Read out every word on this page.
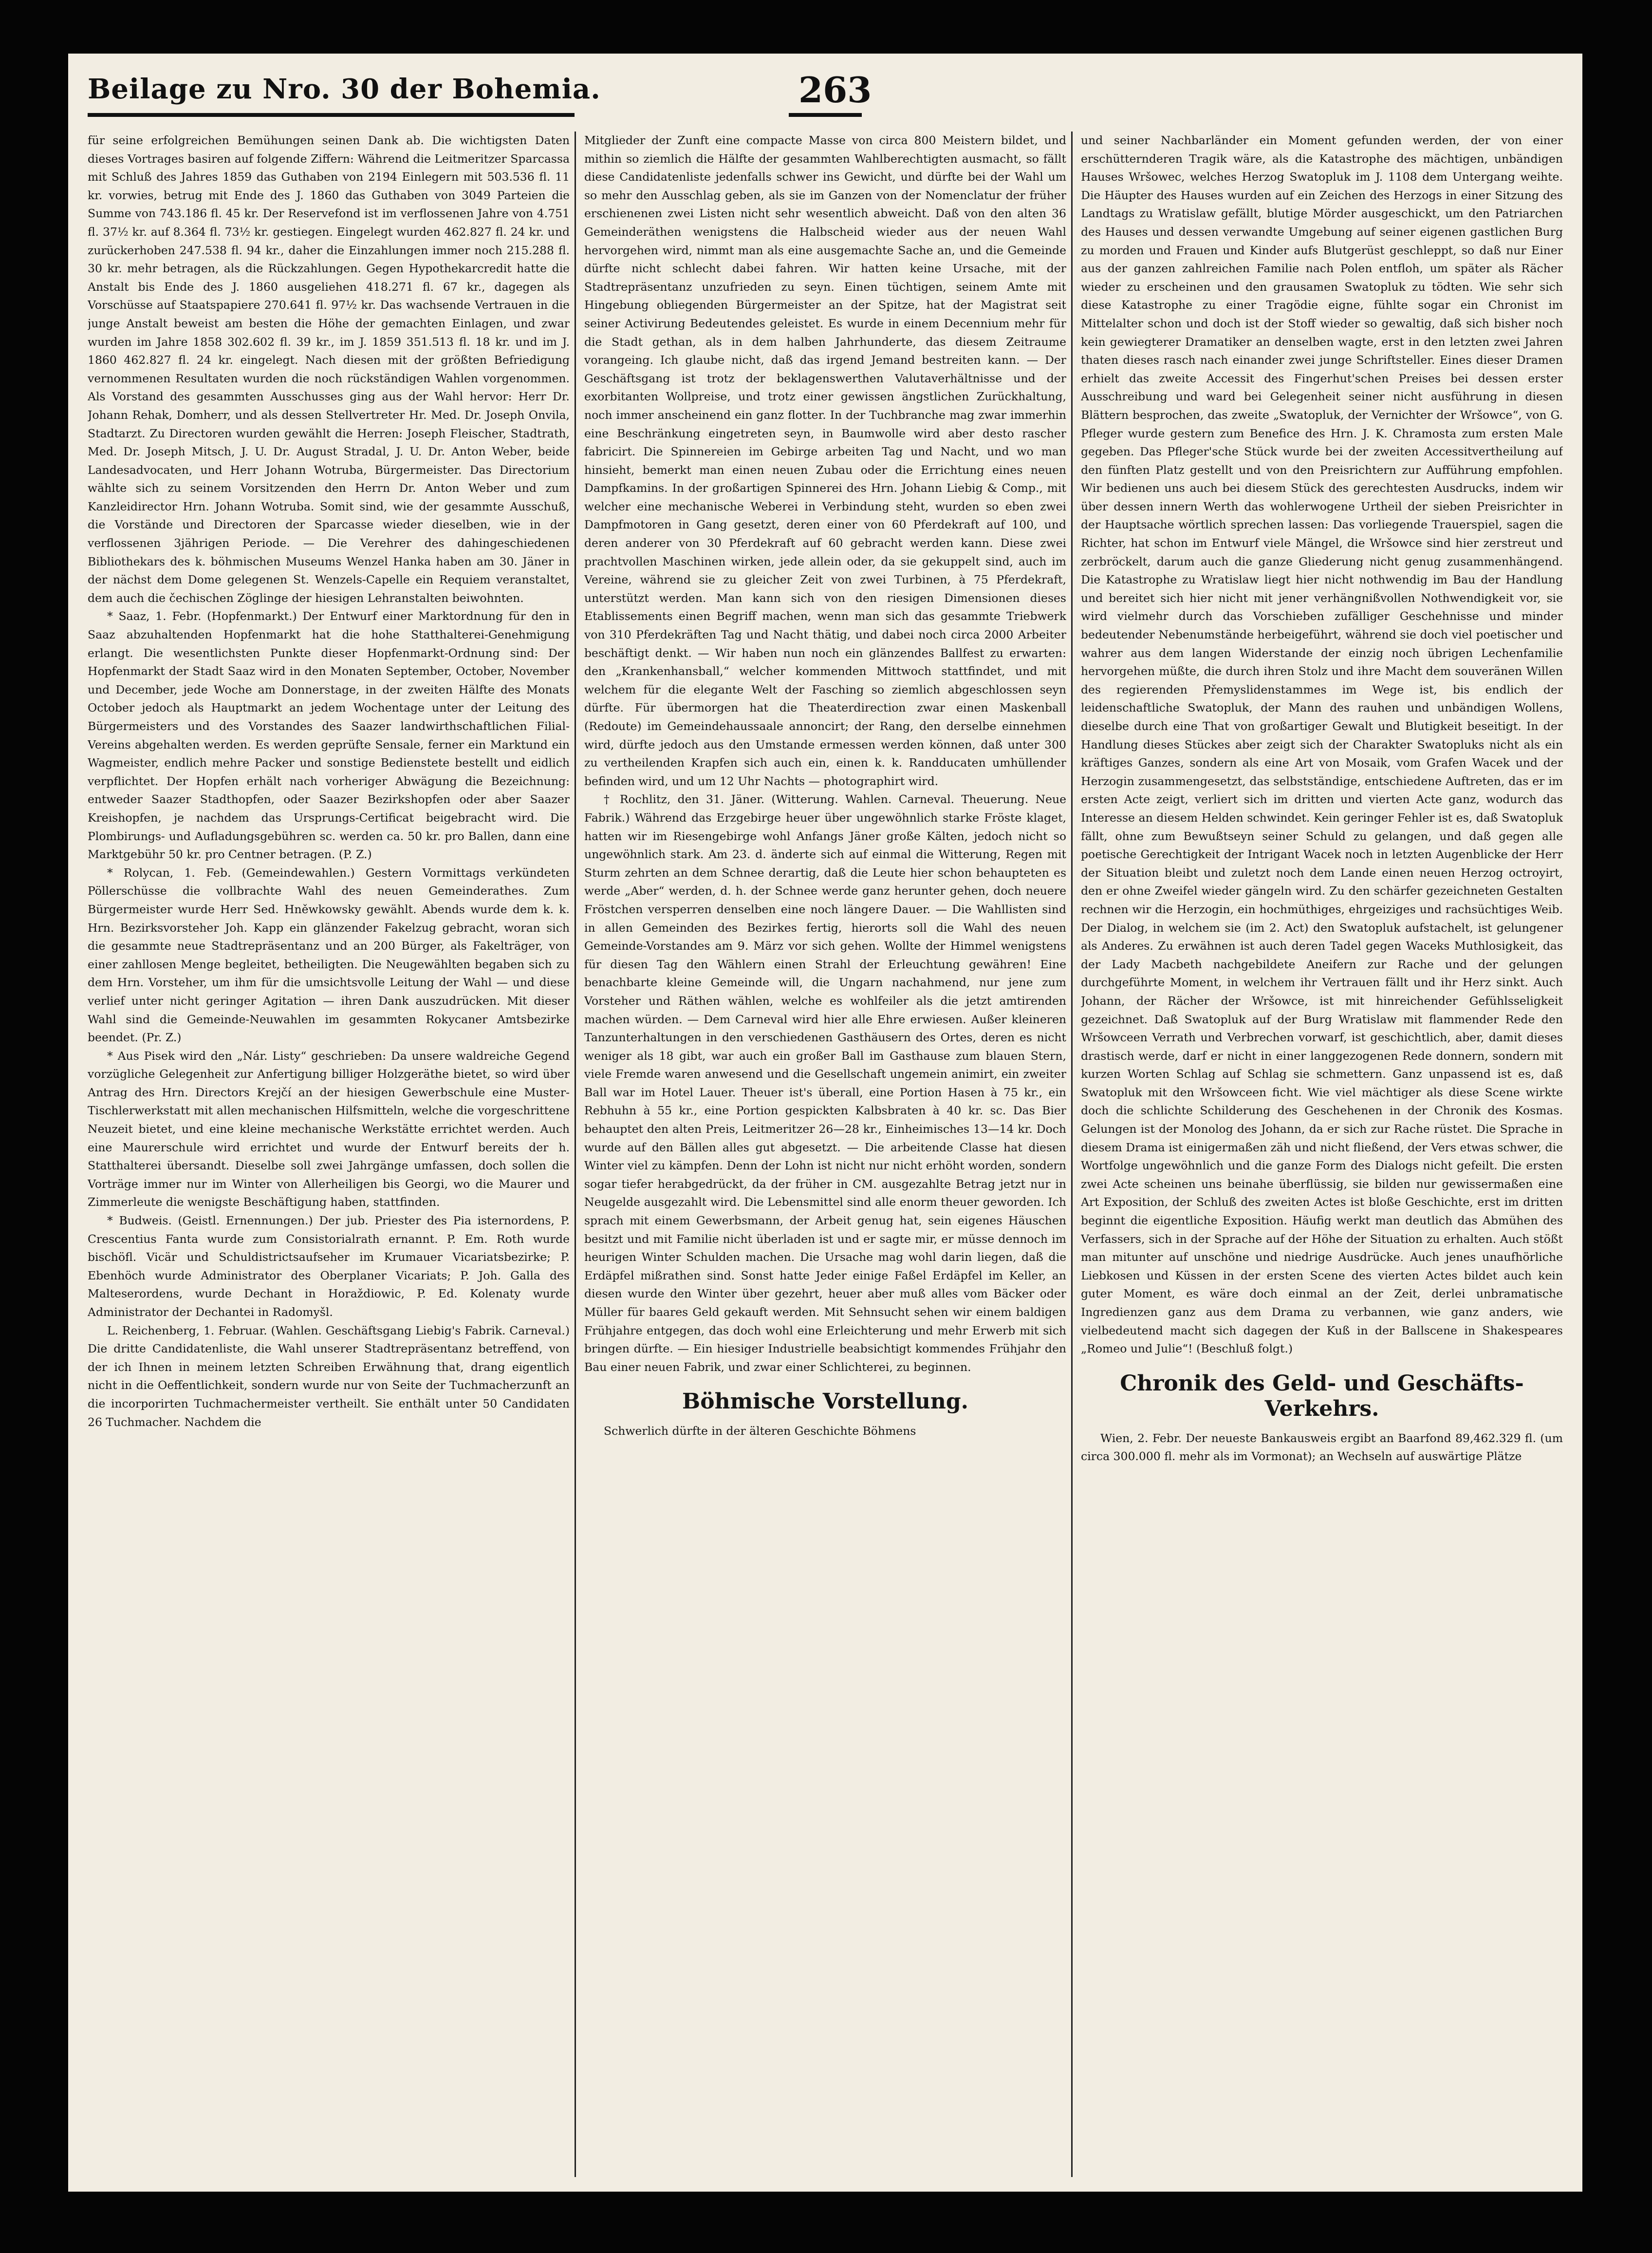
Beilage zu Nro. 30 der Bohemia.	263

für seine erfolgreichen Bemühungen seinen Dank ab. Die wichtigsten Daten dieses Vortrages basiren auf folgende Ziffern: Während die Leitmeritzer Sparcassa mit Schluß des Jahres 1859 das Guthaben von 2194 Einlegern mit 503.536 fl. 11 kr. vorwies, betrug mit Ende des J. 1860 das Guthaben von 3049 Parteien die Summe von 743.186 fl. 45 kr. Der Reservefond ist im verflossenen Jahre von 4.751 fl. 37½ kr. auf 8.364 fl. 73½ kr. gestiegen. Eingelegt wurden 462.827 fl. 24 kr. und zurückerhoben 247.538 fl. 94 kr., daher die Einzahlungen immer noch 215.288 fl. 30 kr. mehr betragen, als die Rückzahlungen. Gegen Hypothekarcredit hatte die Anstalt bis Ende des J. 1860 ausgeliehen 418.271 fl. 67 kr., dagegen als Vorschüsse auf Staatspapiere 270.641 fl. 97½ kr. Das wachsende Vertrauen in die junge Anstalt beweist am besten die Höhe der gemachten Einlagen, und zwar wurden im Jahre 1858 302.602 fl. 39 kr., im J. 1859 351.513 fl. 18 kr. und im J. 1860 462.827 fl. 24 kr. eingelegt. Nach diesen mit der größten Befriedigung vernommenen Resultaten wurden die noch rückständigen Wahlen vorgenommen. Als Vorstand des gesammten Ausschusses ging aus der Wahl hervor: Herr Dr. Johann Rehak, Domherr, und als dessen Stellvertreter Hr. Med. Dr. Joseph Onvila, Stadtarzt. Zu Directoren wurden gewählt die Herren: Joseph Fleischer, Stadtrath, Med. Dr. Joseph Mitsch, J. U. Dr. August Stradal, J. U. Dr. Anton Weber, beide Landesadvocaten, und Herr Johann Wotruba, Bürgermeister. Das Directorium wählte sich zu seinem Vorsitzenden den Herrn Dr. Anton Weber und zum Kanzleidirector Hrn. Johann Wotruba. Somit sind, wie der gesammte Ausschuß, die Vorstände und Directoren der Sparcasse wieder dieselben, wie in der verflossenen 3jährigen Periode. — Die Verehrer des dahingeschiedenen Bibliothekars des k. böhmischen Museums Wenzel Hanka haben am 30. Jäner in der nächst dem Dome gelegenen St. Wenzels-Capelle ein Requiem veranstaltet, dem auch die čechischen Zöglinge der hiesigen Lehranstalten beiwohnten.

* Saaz, 1. Febr. (Hopfenmarkt.) Der Entwurf einer Marktordnung für den in Saaz abzuhaltenden Hopfenmarkt hat die hohe Statthalterei-Genehmigung erlangt. Die wesentlichsten Punkte dieser Hopfenmarkt-Ordnung sind: Der Hopfenmarkt der Stadt Saaz wird in den Monaten September, October, November und December, jede Woche am Donnerstage, in der zweiten Hälfte des Monats October jedoch als Hauptmarkt an jedem Wochentage unter der Leitung des Bürgermeisters und des Vorstandes des Saazer landwirthschaftlichen Filial-Vereins abgehalten werden. Es werden geprüfte Sensale, ferner ein Marktund ein Wagmeister, endlich mehre Packer und sonstige Bedienstete bestellt und eidlich verpflichtet. Der Hopfen erhält nach vorheriger Abwägung die Bezeichnung: entweder Saazer Stadthopfen, oder Saazer Bezirkshopfen oder aber Saazer Kreishopfen, je nachdem das Ursprungs-Certificat beigebracht wird. Die Plombirungs- und Aufladungsgebühren sc. werden ca. 50 kr. pro Ballen, dann eine Marktgebühr 50 kr. pro Centner betragen. (P. Z.)

* Rolycan, 1. Feb. (Gemeindewahlen.) Gestern Vormittags verkündeten Pöllerschüsse die vollbrachte Wahl des neuen Gemeinderathes. Zum Bürgermeister wurde Herr Sed. Hněwkowsky gewählt. Abends wurde dem k. k. Hrn. Bezirksvorsteher Joh. Kapp ein glänzender Fakelzug gebracht, woran sich die gesammte neue Stadtrepräsentanz und an 200 Bürger, als Fakelträger, von einer zahllosen Menge begleitet, betheiligten. Die Neugewählten begaben sich zu dem Hrn. Vorsteher, um ihm für die umsichtsvolle Leitung der Wahl — und diese verlief unter nicht geringer Agitation — ihren Dank auszudrücken. Mit dieser Wahl sind die Gemeinde-Neuwahlen im gesammten Rokycaner Amtsbezirke beendet. (Pr. Z.)

* Aus Pisek wird den „Nár. Listy“ geschrieben: Da unsere waldreiche Gegend vorzügliche Gelegenheit zur Anfertigung billiger Holzgeräthe bietet, so wird über Antrag des Hrn. Directors Krejčí an der hiesigen Gewerbschule eine Muster-Tischlerwerkstatt mit allen mechanischen Hilfsmitteln, welche die vorgeschrittene Neuzeit bietet, und eine kleine mechanische Werkstätte errichtet werden. Auch eine Maurerschule wird errichtet und wurde der Entwurf bereits der h. Statthalterei übersandt. Dieselbe soll zwei Jahrgänge umfassen, doch sollen die Vorträge immer nur im Winter von Allerheiligen bis Georgi, wo die Maurer und Zimmerleute die wenigste Beschäftigung haben, stattfinden.

* Budweis. (Geistl. Ernennungen.) Der jub. Priester des Pia isternordens, P. Crescentius Fanta wurde zum Consistorialrath ernannt. P. Em. Roth wurde bischöfl. Vicär und Schuldistrictsaufseher im Krumauer Vicariatsbezirke; P. Ebenhöch wurde Administrator des Oberplaner Vicariats; P. Joh. Galla des Malteserordens, wurde Dechant in Horaždiowic, P. Ed. Kolenaty wurde Administrator der Dechantei in Radomyšl.

L. Reichenberg, 1. Februar. (Wahlen. Geschäftsgang Liebig's Fabrik. Carneval.) Die dritte Candidatenliste, die Wahl unserer Stadtrepräsentanz betreffend, von der ich Ihnen in meinem letzten Schreiben Erwähnung that, drang eigentlich nicht in die Oeffentlichkeit, sondern wurde nur von Seite der Tuchmacherzunft an die incorporirten Tuchmachermeister vertheilt. Sie enthält unter 50 Candidaten 26 Tuchmacher. Nachdem die

Mitglieder der Zunft eine compacte Masse von circa 800 Meistern bildet, und mithin so ziemlich die Hälfte der gesammten Wahlberechtigten ausmacht, so fällt diese Candidatenliste jedenfalls schwer ins Gewicht, und dürfte bei der Wahl um so mehr den Ausschlag geben, als sie im Ganzen von der Nomenclatur der früher erschienenen zwei Listen nicht sehr wesentlich abweicht. Daß von den alten 36 Gemeinderäthen wenigstens die Halbscheid wieder aus der neuen Wahl hervorgehen wird, nimmt man als eine ausgemachte Sache an, und die Gemeinde dürfte nicht schlecht dabei fahren. Wir hatten keine Ursache, mit der Stadtrepräsentanz unzufrieden zu seyn. Einen tüchtigen, seinem Amte mit Hingebung obliegenden Bürgermeister an der Spitze, hat der Magistrat seit seiner Activirung Bedeutendes geleistet. Es wurde in einem Decennium mehr für die Stadt gethan, als in dem halben Jahrhunderte, das diesem Zeitraume vorangeing. Ich glaube nicht, daß das irgend Jemand bestreiten kann. — Der Geschäftsgang ist trotz der beklagenswerthen Valutaverhältnisse und der exorbitanten Wollpreise, und trotz einer gewissen ängstlichen Zurückhaltung, noch immer anscheinend ein ganz flotter. In der Tuchbranche mag zwar immerhin eine Beschränkung eingetreten seyn, in Baumwolle wird aber desto rascher fabricirt. Die Spinnereien im Gebirge arbeiten Tag und Nacht, und wo man hinsieht, bemerkt man einen neuen Zubau oder die Errichtung eines neuen Dampfkamins. In der großartigen Spinnerei des Hrn. Johann Liebig & Comp., mit welcher eine mechanische Weberei in Verbindung steht, wurden so eben zwei Dampfmotoren in Gang gesetzt, deren einer von 60 Pferdekraft auf 100, und deren anderer von 30 Pferdekraft auf 60 gebracht werden kann. Diese zwei prachtvollen Maschinen wirken, jede allein oder, da sie gekuppelt sind, auch im Vereine, während sie zu gleicher Zeit von zwei Turbinen, à 75 Pferdekraft, unterstützt werden. Man kann sich von den riesigen Dimensionen dieses Etablissements einen Begriff machen, wenn man sich das gesammte Triebwerk von 310 Pferdekräften Tag und Nacht thätig, und dabei noch circa 2000 Arbeiter beschäftigt denkt. — Wir haben nun noch ein glänzendes Ballfest zu erwarten: den „Krankenhansball,“ welcher kommenden Mittwoch stattfindet, und mit welchem für die elegante Welt der Fasching so ziemlich abgeschlossen seyn dürfte. Für übermorgen hat die Theaterdirection zwar einen Maskenball (Redoute) im Gemeindehaussaale annoncirt; der Rang, den derselbe einnehmen wird, dürfte jedoch aus den Umstande ermessen werden können, daß unter 300 zu vertheilenden Krapfen sich auch ein, einen k. k. Randducaten umhüllender befinden wird, und um 12 Uhr Nachts — photographirt wird.

† Rochlitz, den 31. Jäner. (Witterung. Wahlen. Carneval. Theuerung. Neue Fabrik.) Während das Erzgebirge heuer über ungewöhnlich starke Fröste klaget, hatten wir im Riesengebirge wohl Anfangs Jäner große Kälten, jedoch nicht so ungewöhnlich stark. Am 23. d. änderte sich auf einmal die Witterung, Regen mit Sturm zehrten an dem Schnee derartig, daß die Leute hier schon behaupteten es werde „Aber“ werden, d. h. der Schnee werde ganz herunter gehen, doch neuere Fröstchen versperren denselben eine noch längere Dauer. — Die Wahllisten sind in allen Gemeinden des Bezirkes fertig, hierorts soll die Wahl des neuen Gemeinde-Vorstandes am 9. März vor sich gehen. Wollte der Himmel wenigstens für diesen Tag den Wählern einen Strahl der Erleuchtung gewähren! Eine benachbarte kleine Gemeinde will, die Ungarn nachahmend, nur jene zum Vorsteher und Räthen wählen, welche es wohlfeiler als die jetzt amtirenden machen würden. — Dem Carneval wird hier alle Ehre erwiesen. Außer kleineren Tanzunterhaltungen in den verschiedenen Gasthäusern des Ortes, deren es nicht weniger als 18 gibt, war auch ein großer Ball im Gasthause zum blauen Stern, viele Fremde waren anwesend und die Gesellschaft ungemein animirt, ein zweiter Ball war im Hotel Lauer. Theuer ist's überall, eine Portion Hasen à 75 kr., ein Rebhuhn à 55 kr., eine Portion gespickten Kalbsbraten à 40 kr. sc. Das Bier behauptet den alten Preis, Leitmeritzer 26—28 kr., Einheimisches 13—14 kr. Doch wurde auf den Bällen alles gut abgesetzt. — Die arbeitende Classe hat diesen Winter viel zu kämpfen. Denn der Lohn ist nicht nur nicht erhöht worden, sondern sogar tiefer herabgedrückt, da der früher in CM. ausgezahlte Betrag jetzt nur in Neugelde ausgezahlt wird. Die Lebensmittel sind alle enorm theuer geworden. Ich sprach mit einem Gewerbsmann, der Arbeit genug hat, sein eigenes Häuschen besitzt und mit Familie nicht überladen ist und er sagte mir, er müsse dennoch im heurigen Winter Schulden machen. Die Ursache mag wohl darin liegen, daß die Erdäpfel mißrathen sind. Sonst hatte Jeder einige Faßel Erdäpfel im Keller, an diesen wurde den Winter über gezehrt, heuer aber muß alles vom Bäcker oder Müller für baares Geld gekauft werden. Mit Sehnsucht sehen wir einem baldigen Frühjahre entgegen, das doch wohl eine Erleichterung und mehr Erwerb mit sich bringen dürfte. — Ein hiesiger Industrielle beabsichtigt kommendes Frühjahr den Bau einer neuen Fabrik, und zwar einer Schlichterei, zu beginnen.

Böhmische Vorstellung.

Schwerlich dürfte in der älteren Geschichte Böhmens

und seiner Nachbarländer ein Moment gefunden werden, der von einer erschütternderen Tragik wäre, als die Katastrophe des mächtigen, unbändigen Hauses Wršowec, welches Herzog Swatopluk im J. 1108 dem Untergang weihte. Die Häupter des Hauses wurden auf ein Zeichen des Herzogs in einer Sitzung des Landtags zu Wratislaw gefällt, blutige Mörder ausgeschickt, um den Patriarchen des Hauses und dessen verwandte Umgebung auf seiner eigenen gastlichen Burg zu morden und Frauen und Kinder aufs Blutgerüst geschleppt, so daß nur Einer aus der ganzen zahlreichen Familie nach Polen entfloh, um später als Rächer wieder zu erscheinen und den grausamen Swatopluk zu tödten. Wie sehr sich diese Katastrophe zu einer Tragödie eigne, fühlte sogar ein Chronist im Mittelalter schon und doch ist der Stoff wieder so gewaltig, daß sich bisher noch kein gewiegterer Dramatiker an denselben wagte, erst in den letzten zwei Jahren thaten dieses rasch nach einander zwei junge Schriftsteller. Eines dieser Dramen erhielt das zweite Accessit des Fingerhut'schen Preises bei dessen erster Ausschreibung und ward bei Gelegenheit seiner nicht ausführung in diesen Blättern besprochen, das zweite „Swatopluk, der Vernichter der Wršowce“, von G. Pfleger wurde gestern zum Benefice des Hrn. J. K. Chramosta zum ersten Male gegeben. Das Pfleger'sche Stück wurde bei der zweiten Accessitvertheilung auf den fünften Platz gestellt und von den Preisrichtern zur Aufführung empfohlen. Wir bedienen uns auch bei diesem Stück des gerechtesten Ausdrucks, indem wir über dessen innern Werth das wohlerwogene Urtheil der sieben Preisrichter in der Hauptsache wörtlich sprechen lassen: Das vorliegende Trauerspiel, sagen die Richter, hat schon im Entwurf viele Mängel, die Wršowce sind hier zerstreut und zerbröckelt, darum auch die ganze Gliederung nicht genug zusammenhängend. Die Katastrophe zu Wratislaw liegt hier nicht nothwendig im Bau der Handlung und bereitet sich hier nicht mit jener verhängnißvollen Nothwendigkeit vor, sie wird vielmehr durch das Vorschieben zufälliger Geschehnisse und minder bedeutender Nebenumstände herbeigeführt, während sie doch viel poetischer und wahrer aus dem langen Widerstande der einzig noch übrigen Lechenfamilie hervorgehen müßte, die durch ihren Stolz und ihre Macht dem souveränen Willen des regierenden Přemyslidenstammes im Wege ist, bis endlich der leidenschaftliche Swatopluk, der Mann des rauhen und unbändigen Wollens, dieselbe durch eine That von großartiger Gewalt und Blutigkeit beseitigt. In der Handlung dieses Stückes aber zeigt sich der Charakter Swatopluks nicht als ein kräftiges Ganzes, sondern als eine Art von Mosaik, vom Grafen Wacek und der Herzogin zusammengesetzt, das selbstständige, entschiedene Auftreten, das er im ersten Acte zeigt, verliert sich im dritten und vierten Acte ganz, wodurch das Interesse an diesem Helden schwindet. Kein geringer Fehler ist es, daß Swatopluk fällt, ohne zum Bewußtseyn seiner Schuld zu gelangen, und daß gegen alle poetische Gerechtigkeit der Intrigant Wacek noch in letzten Augenblicke der Herr der Situation bleibt und zuletzt noch dem Lande einen neuen Herzog octroyirt, den er ohne Zweifel wieder gängeln wird. Zu den schärfer gezeichneten Gestalten rechnen wir die Herzogin, ein hochmüthiges, ehrgeiziges und rachsüchtiges Weib. Der Dialog, in welchem sie (im 2. Act) den Swatopluk aufstachelt, ist gelungener als Anderes. Zu erwähnen ist auch deren Tadel gegen Waceks Muthlosigkeit, das der Lady Macbeth nachgebildete Aneifern zur Rache und der gelungen durchgeführte Moment, in welchem ihr Vertrauen fällt und ihr Herz sinkt. Auch Johann, der Rächer der Wršowce, ist mit hinreichender Gefühlsseligkeit gezeichnet. Daß Swatopluk auf der Burg Wratislaw mit flammender Rede den Wršowceen Verrath und Verbrechen vorwarf, ist geschichtlich, aber, damit dieses drastisch werde, darf er nicht in einer langgezogenen Rede donnern, sondern mit kurzen Worten Schlag auf Schlag sie schmettern. Ganz unpassend ist es, daß Swatopluk mit den Wršowceen ficht. Wie viel mächtiger als diese Scene wirkte doch die schlichte Schilderung des Geschehenen in der Chronik des Kosmas. Gelungen ist der Monolog des Johann, da er sich zur Rache rüstet. Die Sprache in diesem Drama ist einigermaßen zäh und nicht fließend, der Vers etwas schwer, die Wortfolge ungewöhnlich und die ganze Form des Dialogs nicht gefeilt. Die ersten zwei Acte scheinen uns beinahe überflüssig, sie bilden nur gewissermaßen eine Art Exposition, der Schluß des zweiten Actes ist bloße Geschichte, erst im dritten beginnt die eigentliche Exposition. Häufig werkt man deutlich das Abmühen des Verfassers, sich in der Sprache auf der Höhe der Situation zu erhalten. Auch stößt man mitunter auf unschöne und niedrige Ausdrücke. Auch jenes unaufhörliche Liebkosen und Küssen in der ersten Scene des vierten Actes bildet auch kein guter Moment, es wäre doch einmal an der Zeit, derlei unbramatische Ingredienzen ganz aus dem Drama zu verbannen, wie ganz anders, wie vielbedeutend macht sich dagegen der Kuß in der Ballscene in Shakespeares „Romeo und Julie“! (Beschluß folgt.)

Chronik des Geld- und Geschäfts-Verkehrs.

Wien, 2. Febr. Der neueste Bankausweis ergibt an Baarfond 89,462.329 fl. (um circa 300.000 fl. mehr als im Vormonat); an Wechseln auf auswärtige Plätze
